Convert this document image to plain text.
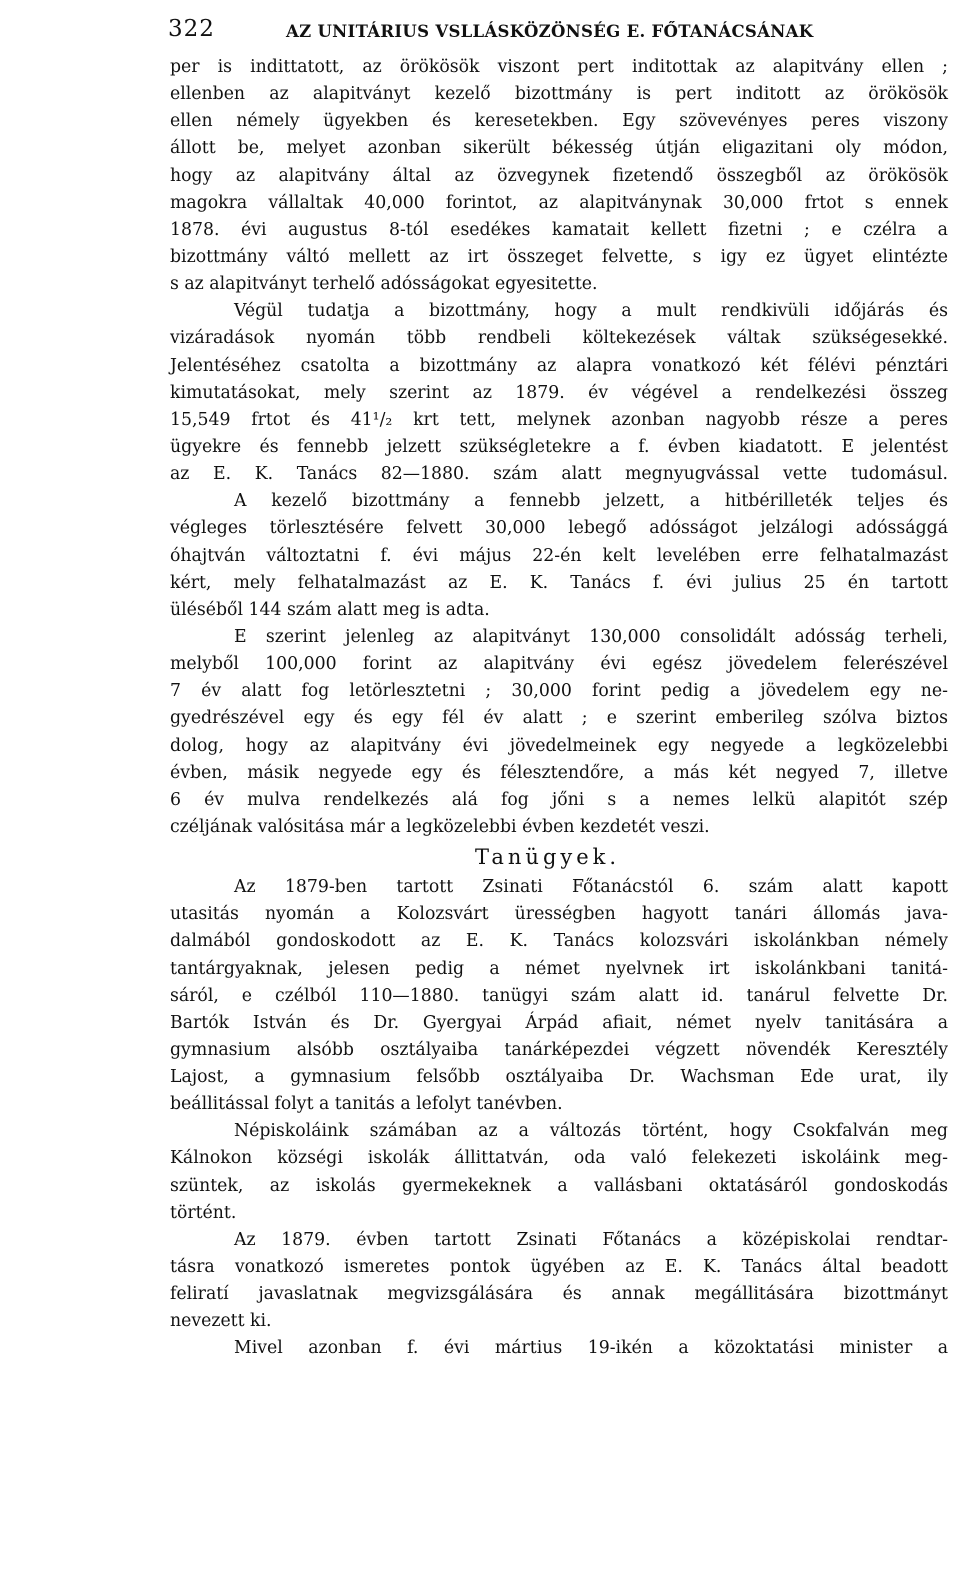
322	AZ UNITÁRIUS VSLLÁSKÖZÖNSÉG E. FŐTANÁCSÁNAK
per is indittatott, az örökösök viszont pert inditottak az alapitvány ellen ;
ellenben az alapitványt kezelő bizottmány is pert inditott az örökösök
ellen némely ügyekben és keresetekben. Egy szövevényes peres viszony
állott be, melyet azonban sikerült békesség útján eligazitani oly módon,
hogy az alapitvány által az özvegynek fizetendő összegből az örökösök
magokra vállaltak 40,000 forintot, az alapitványnak 30,000 frtot s ennek
1878. évi augustus 8-tól esedékes kamatait kellett fizetni ; e czélra a
bizottmány váltó mellett az irt összeget felvette, s igy ez ügyet elintézte
s az alapitványt terhelő adósságokat egyesitette.
Végül tudatja a bizottmány, hogy a mult rendkivüli időjárás és
vizáradások nyomán több rendbeli költekezések váltak szükségesekké.
Jelentéséhez csatolta a bizottmány az alapra vonatkozó két félévi pénztári
kimutatásokat, mely szerint az 1879. év végével a rendelkezési összeg
15,549 frtot és 41¹/₂ krt tett, melynek azonban nagyobb része a peres
ügyekre és fennebb jelzett szükségletekre a f. évben kiadatott. E jelentést
az E. K. Tanács 82—1880. szám alatt megnyugvással vette tudomásul.
A kezelő bizottmány a fennebb jelzett, a hitbérilleték teljes és
végleges törlesztésére felvett 30,000 lebegő adósságot jelzálogi adóssággá
óhajtván változtatni f. évi május 22-én kelt levelében erre felhatalmazást
kért, mely felhatalmazást az E. K. Tanács f. évi julius 25 én tartott
üléséből 144 szám alatt meg is adta.
E szerint jelenleg az alapitványt 130,000 consolidált adósság terheli,
melyből 100,000 forint az alapitvány évi egész jövedelem felerészével
7 év alatt fog letörlesztetni ; 30,000 forint pedig a jövedelem egy ne-
gyedrészével egy és egy fél év alatt ; e szerint emberileg szólva biztos
dolog, hogy az alapitvány évi jövedelmeinek egy negyede a legközelebbi
évben, másik negyede egy és félesztendőre, a más két negyed 7, illetve
6 év mulva rendelkezés alá fog jőni s a nemes lelkü alapitót szép
czéljának valósitása már a legközelebbi évben kezdetét veszi.
Tanügyek.
Az 1879-ben tartott Zsinati Főtanácstól 6. szám alatt kapott
utasitás nyomán a Kolozsvárt ürességben hagyott tanári állomás java-
dalmából gondoskodott az E. K. Tanács kolozsvári iskolánkban némely
tantárgyaknak, jelesen pedig a német nyelvnek irt iskolánkbani tanitá-
sáról, e czélból 110—1880. tanügyi szám alatt id. tanárul felvette Dr.
Bartók István és Dr. Gyergyai Árpád afiait, német nyelv tanitására a
gymnasium alsóbb osztályaiba tanárképezdei végzett növendék Keresztély
Lajost, a gymnasium felsőbb osztályaiba Dr. Wachsman Ede urat, ily
beállitással folyt a tanitás a lefolyt tanévben.
Népiskoláink számában az a változás történt, hogy Csokfalván meg
Kálnokon községi iskolák állittatván, oda való felekezeti iskoláink meg-
szüntek, az iskolás gyermekeknek a vallásbani oktatásáról gondoskodás
történt.
Az 1879. évben tartott Zsinati Főtanács a középiskolai rendtar-
tásra vonatkozó ismeretes pontok ügyében az E. K. Tanács által beadott
feliratí javaslatnak megvizsgálására és annak megállitására bizottmányt
nevezett ki.
Mivel azonban f. évi mártius 19-ikén a közoktatási minister a
